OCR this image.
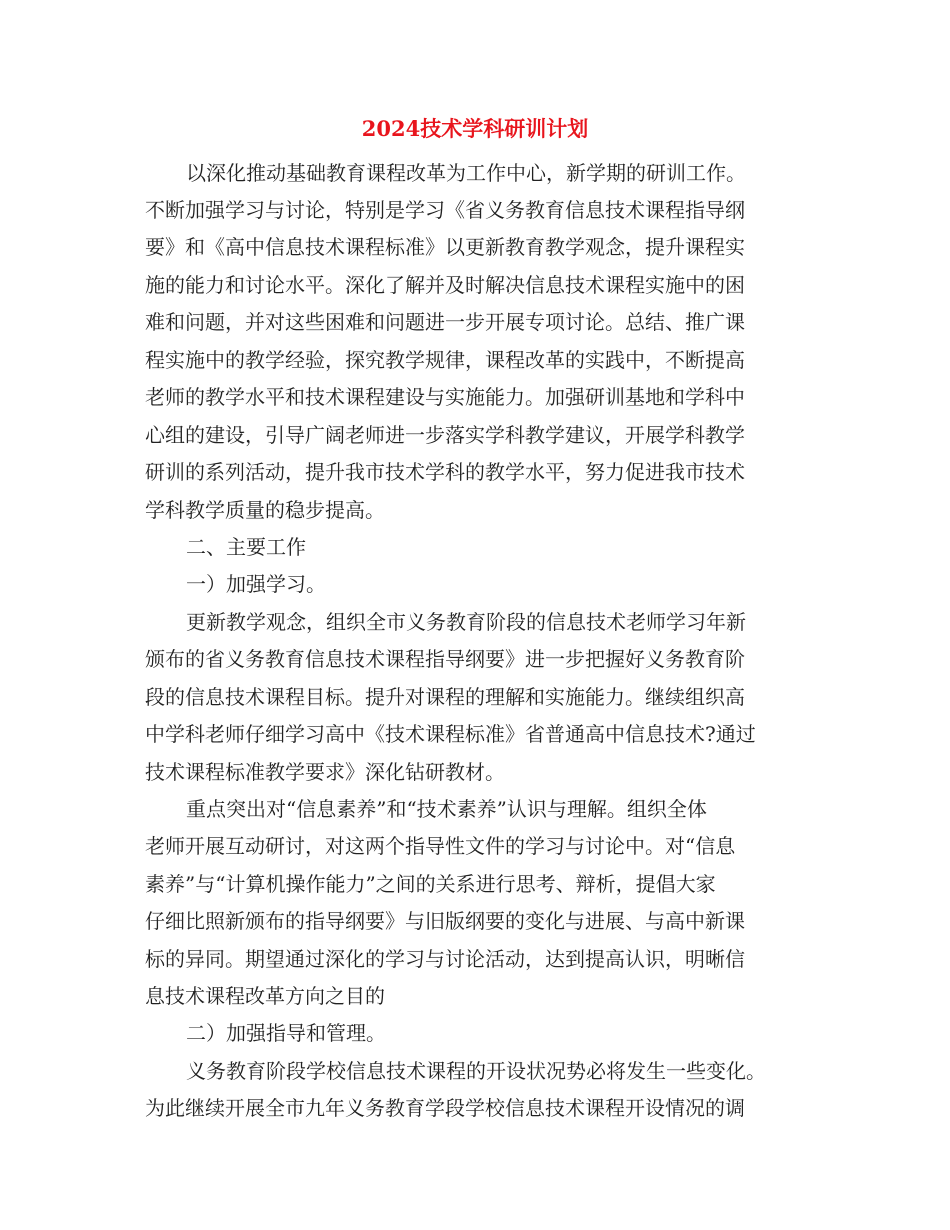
2024技术学科研训计划

以深化推动基础教育课程改革为工作中心，新学期的研训工作。

不断加强学习与讨论，特别是学习《省义务教育信息技术课程指导纲

要》和《高中信息技术课程标准》以更新教育教学观念，提升课程实

施的能力和讨论水平。深化了解并及时解决信息技术课程实施中的困

难和问题，并对这些困难和问题进一步开展专项讨论。总结、推广课

程实施中的教学经验，探究教学规律，课程改革的实践中，不断提高

老师的教学水平和技术课程建设与实施能力。加强研训基地和学科中

心组的建设，引导广阔老师进一步落实学科教学建议，开展学科教学

研训的系列活动，提升我市技术学科的教学水平，努力促进我市技术

学科教学质量的稳步提高。

二、主要工作

一）加强学习。

更新教学观念，组织全市义务教育阶段的信息技术老师学习年新

颁布的省义务教育信息技术课程指导纲要》进一步把握好义务教育阶

段的信息技术课程目标。提升对课程的理解和实施能力。继续组织高

中学科老师仔细学习高中《技术课程标准》省普通高中信息技术?通过

技术课程标准教学要求》深化钻研教材。

重点突出对“信息素养”和“技术素养”认识与理解。组织全体

老师开展互动研讨，对这两个指导性文件的学习与讨论中。对“信息

素养”与“计算机操作能力”之间的关系进行思考、辩析，提倡大家

仔细比照新颁布的指导纲要》与旧版纲要的变化与进展、与高中新课

标的异同。期望通过深化的学习与讨论活动，达到提高认识，明晰信

息技术课程改革方向之目的

二）加强指导和管理。

义务教育阶段学校信息技术课程的开设状况势必将发生一些变化。

为此继续开展全市九年义务教育学段学校信息技术课程开设情况的调
